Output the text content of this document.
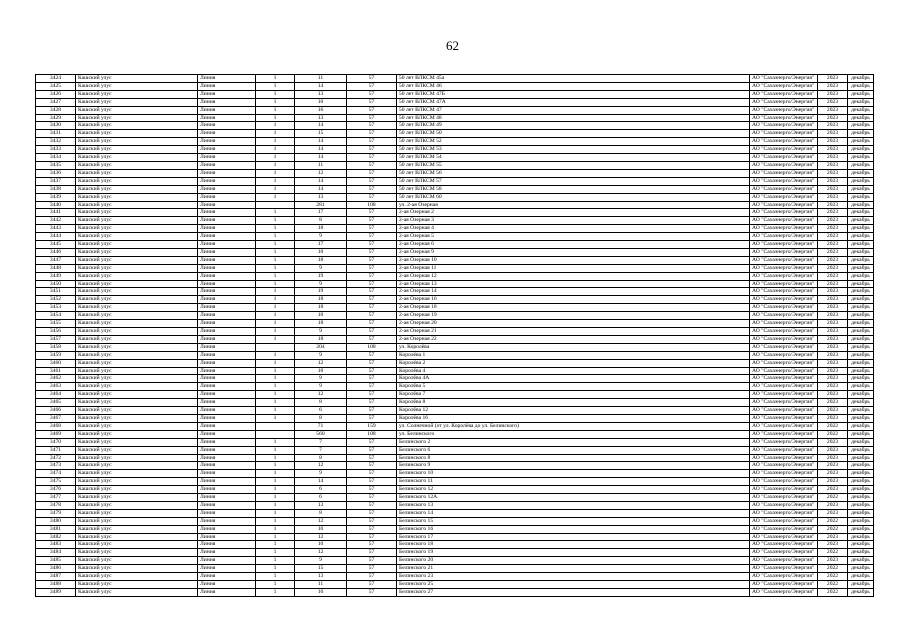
62
3424	Кашский улус	Линия	1	11	57	50 лет ВЛКСМ 45а	АО "Сахаэнерго/Энергия"	2023	декабрь
3425	Кашский улус	Линия	1	14	57	50 лет ВЛКСМ 46	АО "Сахаэнерго/Энергия"	2023	декабрь
3426	Кашский улус	Линия	1	13	57	50 лет ВЛКСМ 47Б	АО "Сахаэнерго/Энергия"	2023	декабрь
3427	Кашский улус	Линия	1	10	57	50 лет ВЛКСМ 47А	АО "Сахаэнерго/Энергия"	2023	декабрь
3428	Кашский улус	Линия	1	16	57	50 лет ВЛКСМ 47	АО "Сахаэнерго/Энергия"	2023	декабрь
3429	Кашский улус	Линия	1	13	57	50 лет ВЛКСМ 48	АО "Сахаэнерго/Энергия"	2023	декабрь
3430	Кашский улус	Линия	1	14	57	50 лет ВЛКСМ 49	АО "Сахаэнерго/Энергия"	2023	декабрь
3431	Кашский улус	Линия	1	15	57	50 лет ВЛКСМ 50	АО "Сахаэнерго/Энергия"	2023	декабрь
3432	Кашский улус	Линия	1	14	57	50 лет ВЛКСМ 52	АО "Сахаэнерго/Энергия"	2023	декабрь
3433	Кашский улус	Линия	1	14	57	50 лет ВЛКСМ 53	АО "Сахаэнерго/Энергия"	2023	декабрь
3434	Кашский улус	Линия	1	14	57	50 лет ВЛКСМ 54	АО "Сахаэнерго/Энергия"	2023	декабрь
3435	Кашский улус	Линия	1	11	57	50 лет ВЛКСМ 55	АО "Сахаэнерго/Энергия"	2023	декабрь
3436	Кашский улус	Линия	1	12	57	50 лет ВЛКСМ 56	АО "Сахаэнерго/Энергия"	2023	декабрь
3437	Кашский улус	Линия	1	14	57	50 лет ВЛКСМ 57	АО "Сахаэнерго/Энергия"	2023	декабрь
3438	Кашский улус	Линия	1	14	57	50 лет ВЛКСМ 58	АО "Сахаэнерго/Энергия"	2023	декабрь
3439	Кашский улус	Линия	1	13	57	50 лет ВЛКСМ 60	АО "Сахаэнерго/Энергия"	2023	декабрь
3440	Кашский улус	Линия		281	108	ул. 2-ая Озерная	АО "Сахаэнерго/Энергия"	2023	декабрь
3441	Кашский улус	Линия	1	17	57	2-ая Озерная 2	АО "Сахаэнерго/Энергия"	2023	декабрь
3442	Кашский улус	Линия	1	8	57	2-ая Озерная 3	АО "Сахаэнерго/Энергия"	2023	декабрь
3443	Кашский улус	Линия	1	18	57	2-ая Озерная 4	АО "Сахаэнерго/Энергия"	2023	декабрь
3444	Кашский улус	Линия	1	9	57	2-ая Озерная 5	АО "Сахаэнерго/Энергия"	2023	декабрь
3445	Кашский улус	Линия	1	17	57	2-ая Озерная 6	АО "Сахаэнерго/Энергия"	2023	декабрь
3446	Кашский улус	Линия	1	10	57	2-ая Озерная 9	АО "Сахаэнерго/Энергия"	2023	декабрь
3447	Кашский улус	Линия	1	18	57	2-ая Озерная 10	АО "Сахаэнерго/Энергия"	2023	декабрь
3448	Кашский улус	Линия	1	9	57	2-ая Озерная 11	АО "Сахаэнерго/Энергия"	2023	декабрь
3449	Кашский улус	Линия	1	19	57	2-ая Озерная 12	АО "Сахаэнерго/Энергия"	2023	декабрь
3450	Кашский улус	Линия	1	9	57	2-ая Озерная 13	АО "Сахаэнерго/Энергия"	2023	декабрь
3451	Кашский улус	Линия	1	19	57	2-ая Озерная 14	АО "Сахаэнерго/Энергия"	2023	декабрь
3452	Кашский улус	Линия	1	18	57	2-ая Озерная 16	АО "Сахаэнерго/Энергия"	2023	декабрь
3453	Кашский улус	Линия	1	18	57	2-ая Озерная 18	АО "Сахаэнерго/Энергия"	2023	декабрь
3454	Кашский улус	Линия	1	10	57	2-ая Озерная 19	АО "Сахаэнерго/Энергия"	2023	декабрь
3455	Кашский улус	Линия	1	18	57	2-ая Озерная 20	АО "Сахаэнерго/Энергия"	2023	декабрь
3456	Кашский улус	Линия	1	9	57	2-ая Озерная 21	АО "Сахаэнерго/Энергия"	2023	декабрь
3457	Кашский улус	Линия	1	18	57	2-ая Озерная 22	АО "Сахаэнерго/Энергия"	2023	декабрь
3458	Кашский улус	Линия		204	108	ул. Королёва	АО "Сахаэнерго/Энергия"	2023	декабрь
3459	Кашский улус	Линия	1	9	57	Королёва 1	АО "Сахаэнерго/Энергия"	2023	декабрь
3460	Кашский улус	Линия	1	12	57	Королёва 2	АО "Сахаэнерго/Энергия"	2023	декабрь
3461	Кашский улус	Линия	1	10	57	Королёва 4	АО "Сахаэнерго/Энергия"	2023	декабрь
3462	Кашский улус	Линия	1	9	57	Королёва 4А	АО "Сахаэнерго/Энергия"	2023	декабрь
3463	Кашский улус	Линия	1	9	57	Королёва 5	АО "Сахаэнерго/Энергия"	2023	декабрь
3464	Кашский улус	Линия	1	12	57	Королёва 7	АО "Сахаэнерго/Энергия"	2023	декабрь
3465	Кашский улус	Линия	1	8	57	Королёва 8	АО "Сахаэнерго/Энергия"	2023	декабрь
3466	Кашский улус	Линия	1	6	57	Королёва 12	АО "Сахаэнерго/Энергия"	2023	декабрь
3467	Кашский улус	Линия	1	8	57	Королёва 16	АО "Сахаэнерго/Энергия"	2023	декабрь
3468	Кашский улус	Линия		71	159	ул. Солнечной (от ул. Королёва до ул. Белинского)	АО "Сахаэнерго/Энергия"	2022	декабрь
3469	Кашский улус	Линия		560	108	ул. Белинского	АО "Сахаэнерго/Энергия"	2022	декабрь
3470	Кашский улус	Линия	1	7	57	Белинского 2	АО "Сахаэнерго/Энергия"	2023	декабрь
3471	Кашский улус	Линия	1	7	57	Белинского 6	АО "Сахаэнерго/Энергия"	2023	декабрь
3472	Кашский улус	Линия	1	8	57	Белинского 8	АО "Сахаэнерго/Энергия"	2023	декабрь
3473	Кашский улус	Линия	1	12	57	Белинского 9	АО "Сахаэнерго/Энергия"	2023	декабрь
3474	Кашский улус	Линия	1	9	57	Белинского 10	АО "Сахаэнерго/Энергия"	2023	декабрь
3475	Кашский улус	Линия	1	14	57	Белинского 11	АО "Сахаэнерго/Энергия"	2023	декабрь
3476	Кашский улус	Линия	1	6	57	Белинского 12	АО "Сахаэнерго/Энергия"	2023	декабрь
3477	Кашский улус	Линия	1	6	57	Белинского 12А	АО "Сахаэнерго/Энергия"	2022	декабрь
3478	Кашский улус	Линия	1	13	57	Белинского 13	АО "Сахаэнерго/Энергия"	2023	декабрь
3479	Кашский улус	Линия	1	8	57	Белинского 14	АО "Сахаэнерго/Энергия"	2023	декабрь
3480	Кашский улус	Линия	1	12	57	Белинского 15	АО "Сахаэнерго/Энергия"	2022	декабрь
3481	Кашский улус	Линия	1	10	57	Белинского 16	АО "Сахаэнерго/Энергия"	2022	декабрь
3482	Кашский улус	Линия	1	12	57	Белинского 17	АО "Сахаэнерго/Энергия"	2023	декабрь
3483	Кашский улус	Линия	1	10	57	Белинского 18	АО "Сахаэнерго/Энергия"	2023	декабрь
3484	Кашский улус	Линия	1	12	57	Белинского 19	АО "Сахаэнерго/Энергия"	2022	декабрь
3485	Кашский улус	Линия	1	9	57	Белинского 20	АО "Сахаэнерго/Энергия"	2023	декабрь
3486	Кашский улус	Линия	1	15	57	Белинского 21	АО "Сахаэнерго/Энергия"	2022	декабрь
3487	Кашский улус	Линия	1	13	57	Белинского 23	АО "Сахаэнерго/Энергия"	2022	декабрь
3488	Кашский улус	Линия	1	11	57	Белинского 25	АО "Сахаэнерго/Энергия"	2022	декабрь
3489	Кашский улус	Линия	1	10	57	Белинского 27	АО "Сахаэнерго/Энергия"	2022	декабрь
